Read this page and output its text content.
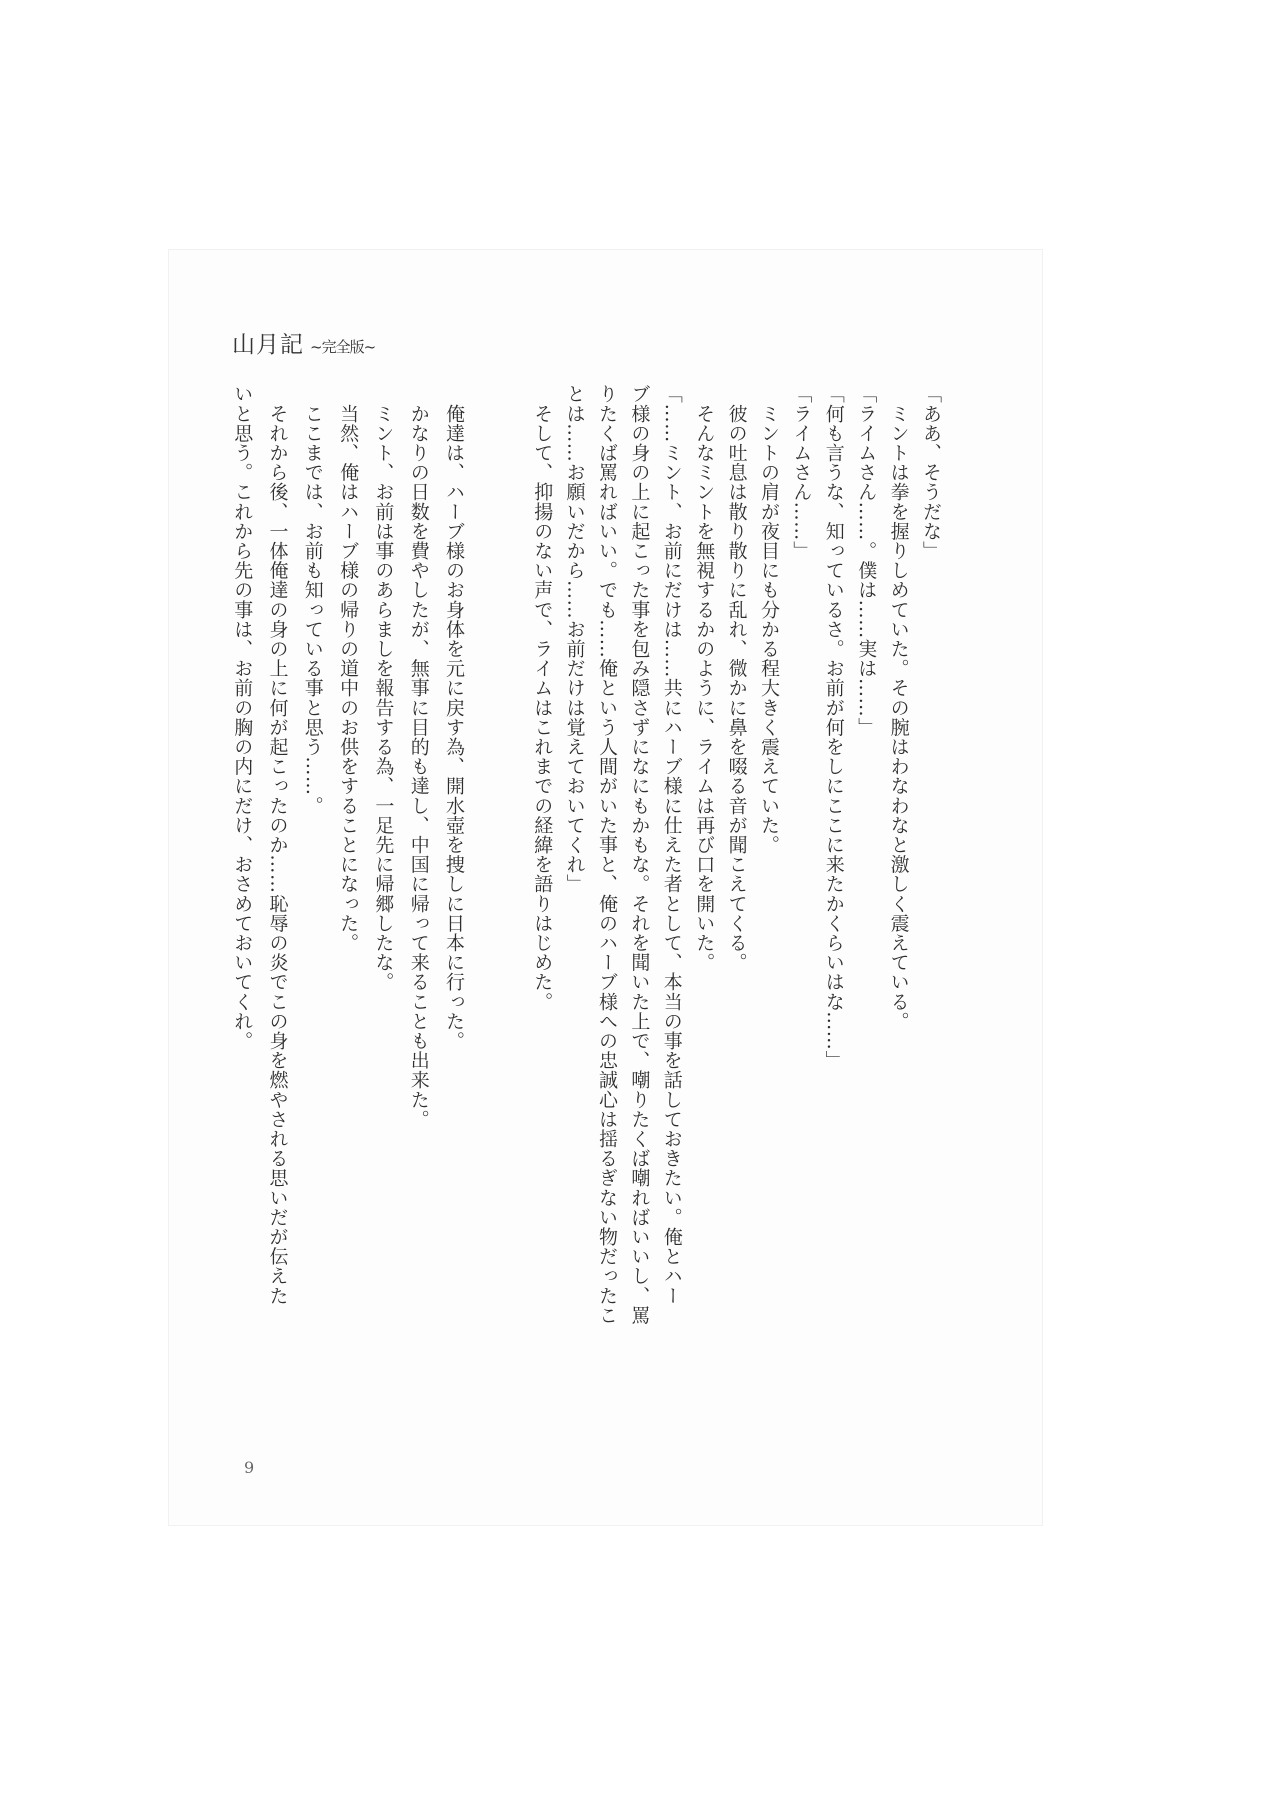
山月記 ~完全版~
「ああ、そうだな」
　ミントは拳を握りしめていた。その腕はわなわなと激しく震えている。
「ライムさん……。僕は……実は……」
「何も言うな、知っているさ。お前が何をしにここに来たかくらいはな……」
「ライムさん……」
　ミントの肩が夜目にも分かる程大きく震えていた。
　彼の吐息は散り散りに乱れ、微かに鼻を啜る音が聞こえてくる。
　そんなミントを無視するかのように、ライムは再び口を開いた。
「……ミント、お前にだけは……共にハーブ様に仕えた者として、本当の事を話しておきたい。俺とハー
ブ様の身の上に起こった事を包み隠さずになにもかもな。それを聞いた上で、嘲りたくば嘲ればいいし、罵
りたくば罵ればいい。でも……俺という人間がいた事と、俺のハーブ様への忠誠心は揺るぎない物だったこ
とは……お願いだから……お前だけは覚えておいてくれ」
　そして、抑揚のない声で、ライムはこれまでの経緯を語りはじめた。
　俺達は、ハーブ様のお身体を元に戻す為、開水壺を捜しに日本に行った。
　かなりの日数を費やしたが、無事に目的も達し、中国に帰って来ることも出来た。
　ミント、お前は事のあらましを報告する為、一足先に帰郷したな。
　当然、俺はハーブ様の帰りの道中のお供をすることになった。
　ここまでは、お前も知っている事と思う……。
　それから後、一体俺達の身の上に何が起こったのか……恥辱の炎でこの身を燃やされる思いだが伝えた
いと思う。これから先の事は、お前の胸の内にだけ、おさめておいてくれ。
9
